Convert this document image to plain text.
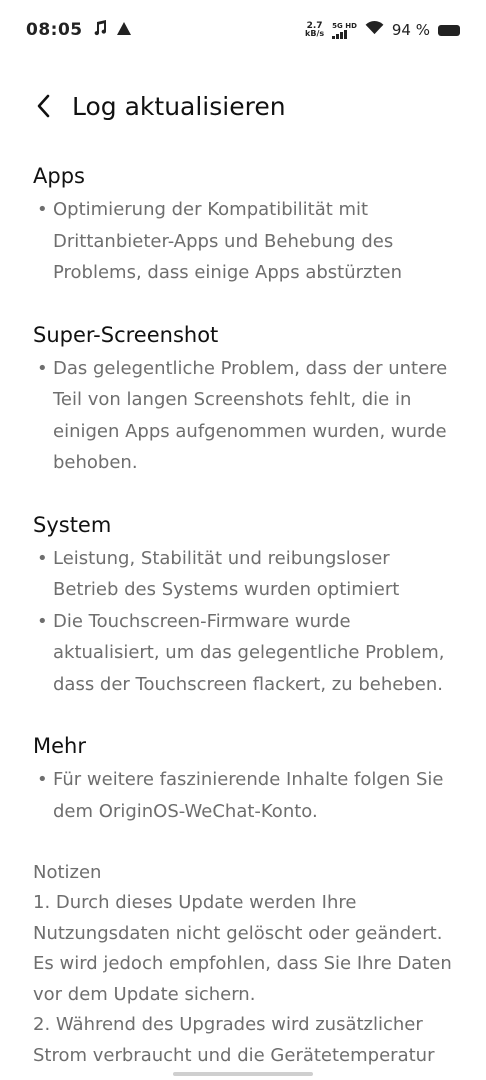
08:05	2.7
kB/s
5G HD 94 %
Log aktualisieren
Apps
• Optimierung der Kompatibilität mit Drittanbieter-Apps und Behebung des Problems, dass einige Apps abstürzten
Super-Screenshot
• Das gelegentliche Problem, dass der untere Teil von langen Screenshots fehlt, die in einigen Apps aufgenommen wurden, wurde behoben.
System
• Leistung, Stabilität und reibungsloser Betrieb des Systems wurden optimiert
• Die Touchscreen-Firmware wurde aktualisiert, um das gelegentliche Problem, dass der Touchscreen flackert, zu beheben.
Mehr
• Für weitere faszinierende Inhalte folgen Sie dem OriginOS-WeChat-Konto.
Notizen
1. Durch dieses Update werden Ihre Nutzungsdaten nicht gelöscht oder geändert. Es wird jedoch empfohlen, dass Sie Ihre Daten vor dem Update sichern.
2. Während des Upgrades wird zusätzlicher Strom verbraucht und die Gerätetemperatur
